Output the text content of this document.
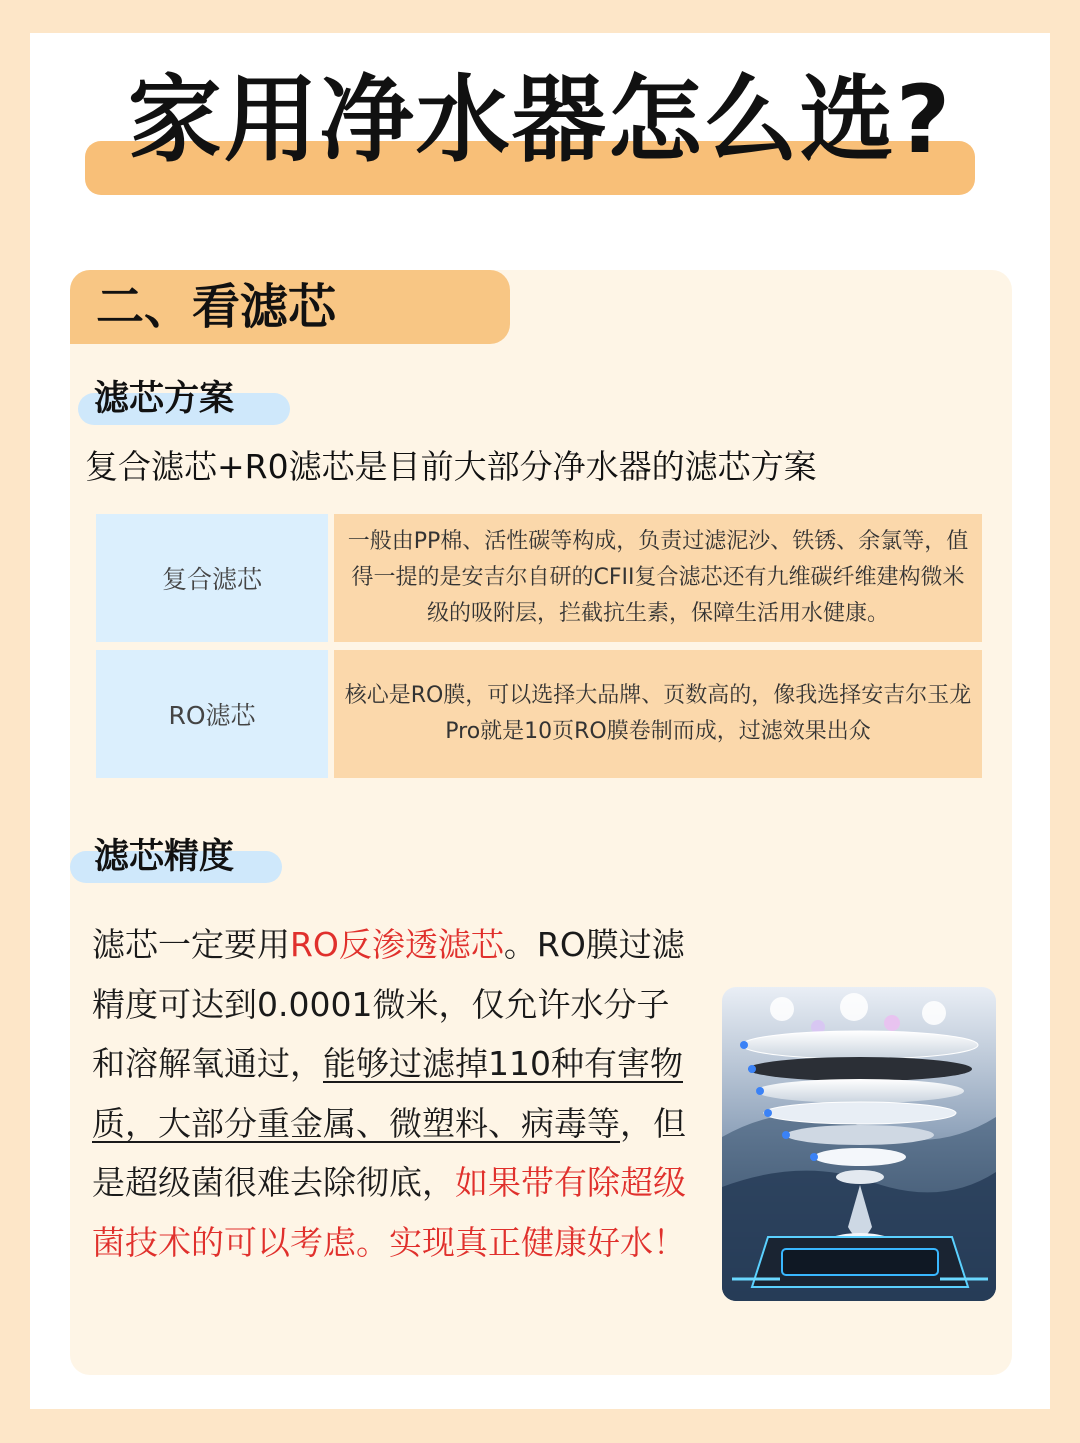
家用净水器怎么选?
二、看滤芯
滤芯方案
复合滤芯+R0滤芯是目前大部分净水器的滤芯方案
复合滤芯
一般由PP棉、活性碳等构成，负责过滤泥沙、铁锈、余氯等，值得一提的是安吉尔自研的CFII复合滤芯还有九维碳纤维建构微米级的吸附层，拦截抗生素，保障生活用水健康。
RO滤芯
核心是RO膜，可以选择大品牌、页数高的，像我选择安吉尔玉龙Pro就是10页RO膜卷制而成，过滤效果出众
滤芯精度
滤芯一定要用RO反渗透滤芯。RO膜过滤精度可达到0.0001微米，仅允许水分子和溶解氧通过，能够过滤掉110种有害物质，大部分重金属、微塑料、病毒等，但是超级菌很难去除彻底，如果带有除超级菌技术的可以考虑。实现真正健康好水！
